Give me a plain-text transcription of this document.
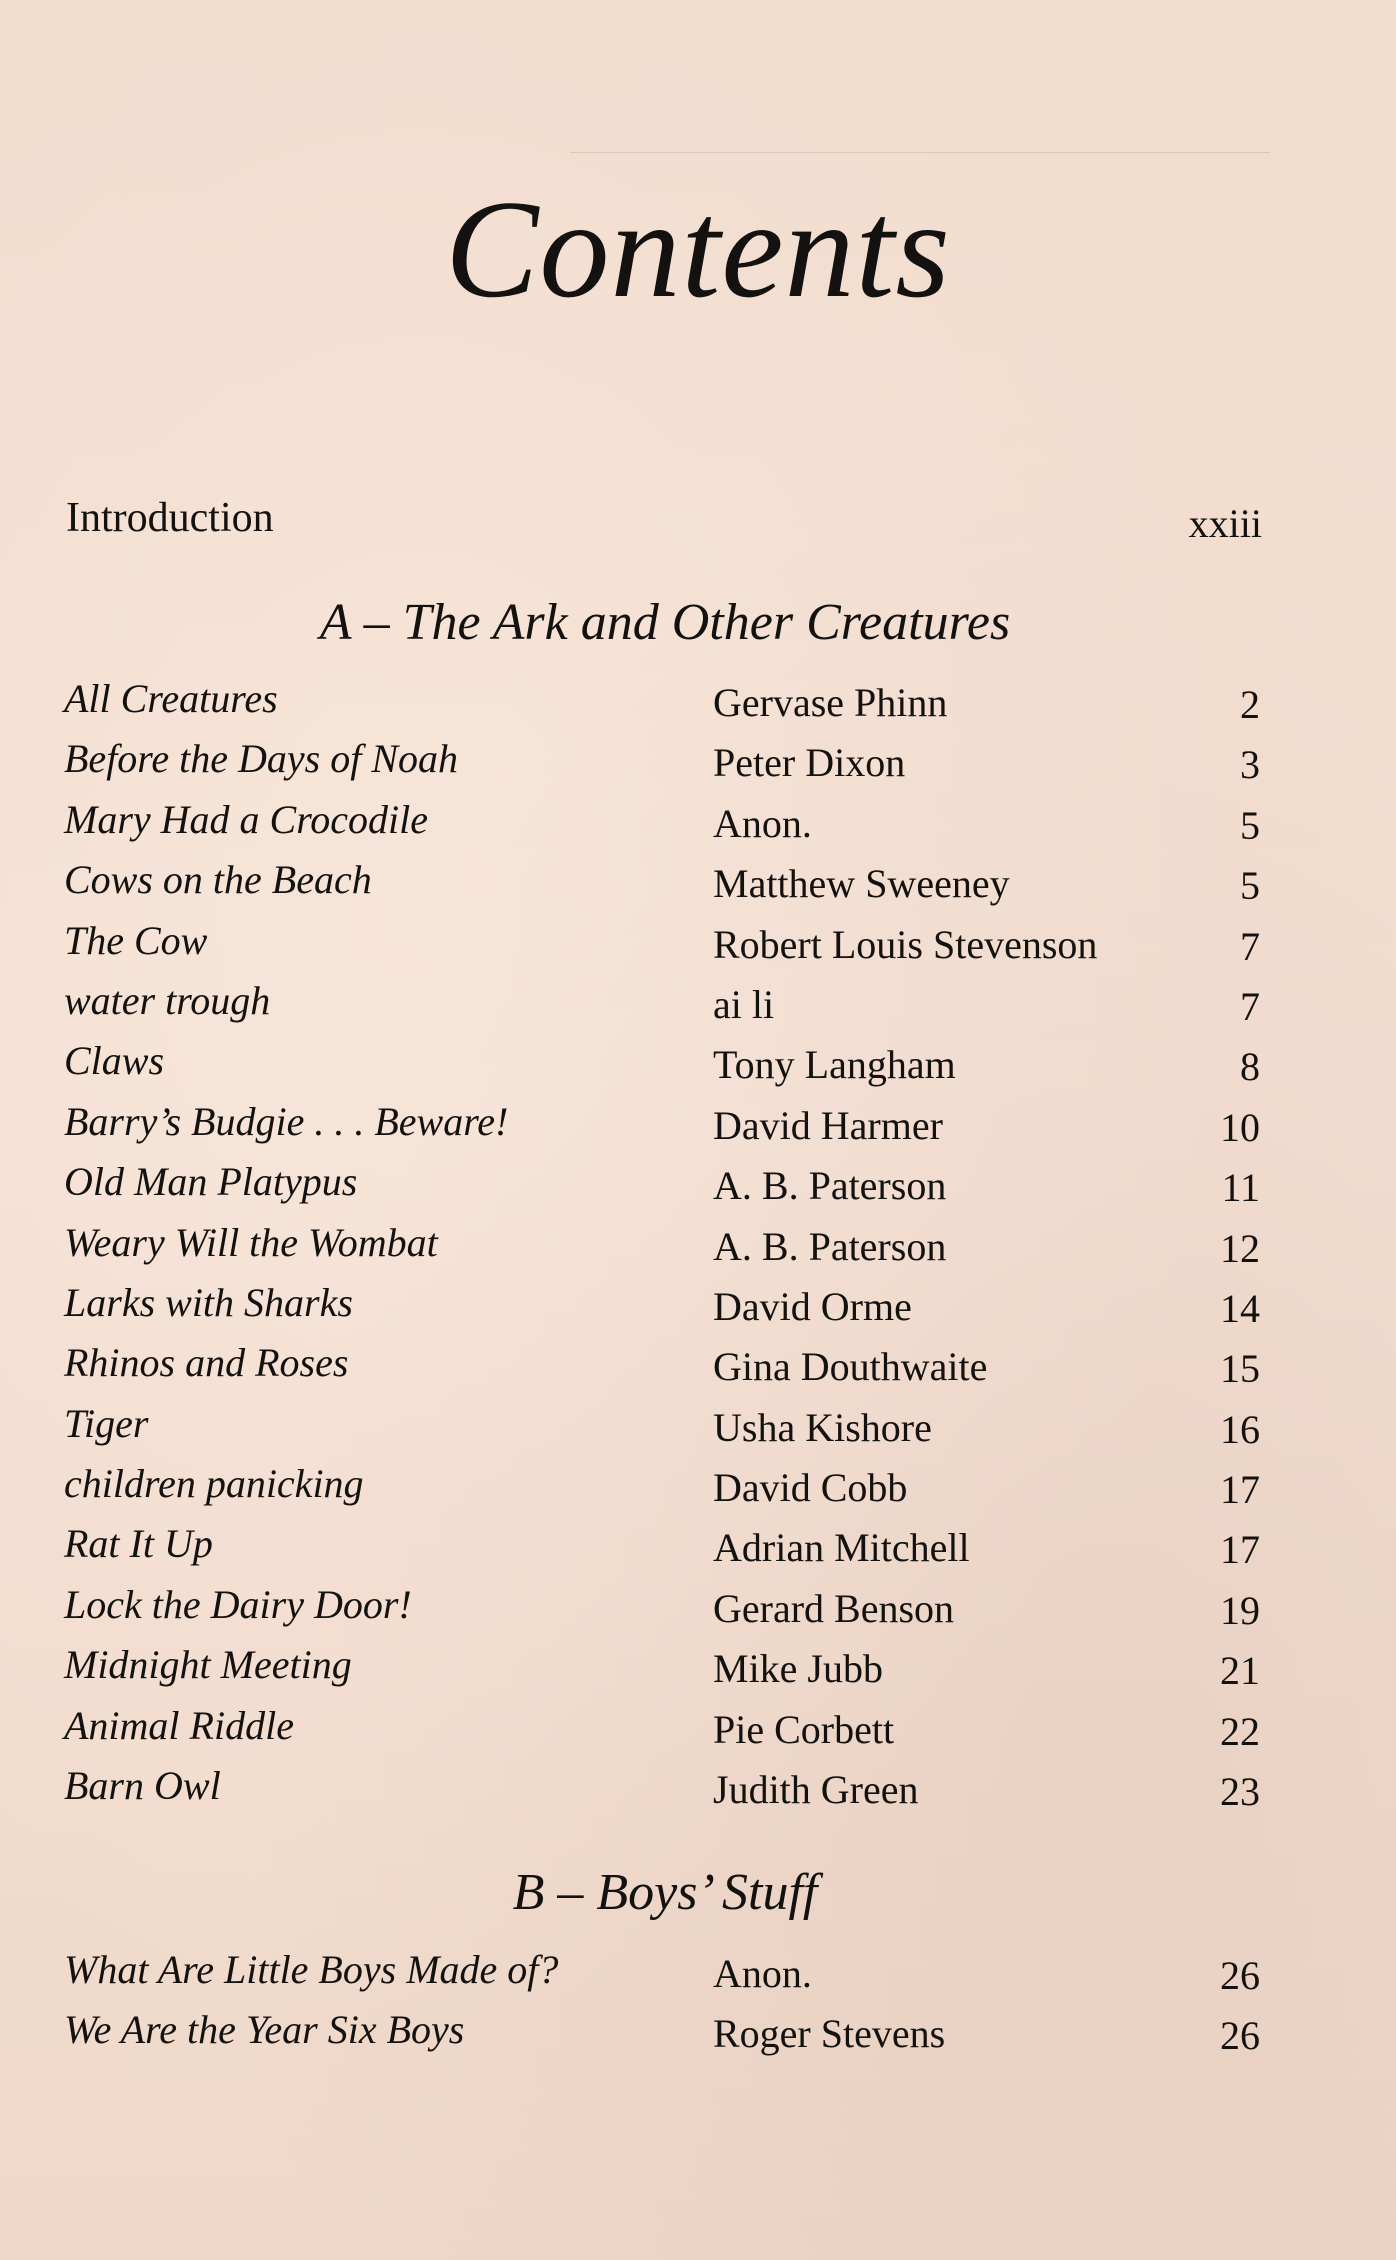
Contents
Introduction	xxiii
A – The Ark and Other Creatures
All Creatures	Gervase Phinn	2
Before the Days of Noah	Peter Dixon	3
Mary Had a Crocodile	Anon.	5
Cows on the Beach	Matthew Sweeney	5
The Cow	Robert Louis Stevenson	7
water trough	ai li	7
Claws	Tony Langham	8
Barry’s Budgie . . . Beware!	David Harmer	10
Old Man Platypus	A. B. Paterson	11
Weary Will the Wombat	A. B. Paterson	12
Larks with Sharks	David Orme	14
Rhinos and Roses	Gina Douthwaite	15
Tiger	Usha Kishore	16
children panicking	David Cobb	17
Rat It Up	Adrian Mitchell	17
Lock the Dairy Door!	Gerard Benson	19
Midnight Meeting	Mike Jubb	21
Animal Riddle	Pie Corbett	22
Barn Owl	Judith Green	23
B – Boys’ Stuff
What Are Little Boys Made of?	Anon.	26
We Are the Year Six Boys	Roger Stevens	26
